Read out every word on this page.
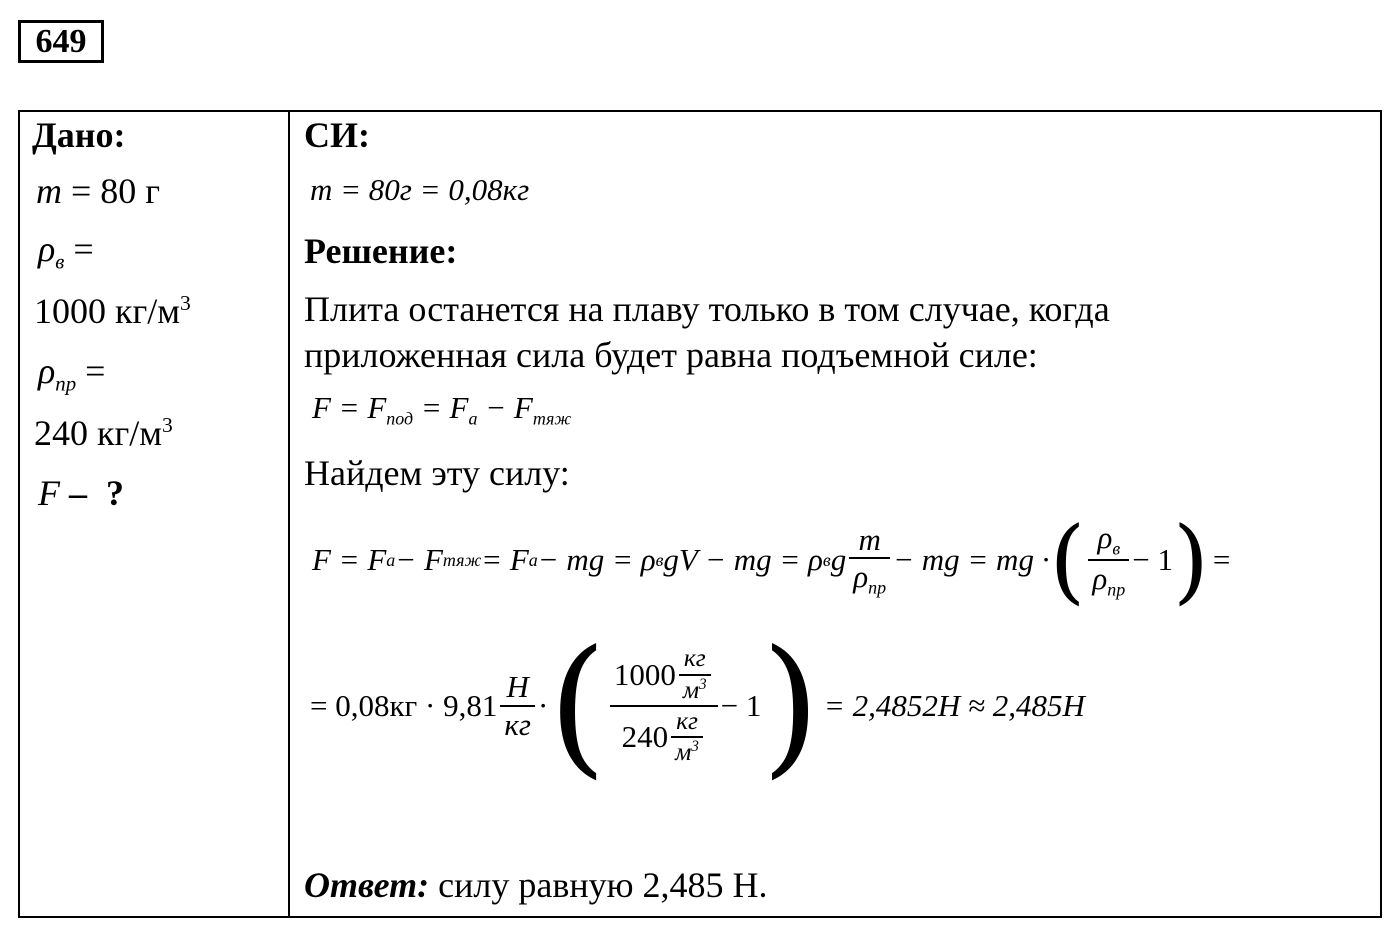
649
Дано:
m = 80 г
$\rho_в$ =
1000 $кг/м^3$
$\rho_{пр}$ =
240 $кг/м^3$
F – ?
СИ:
m = 80г = 0,08кг
Решение:
Плита останется на плаву только в том случае, когда
приложенная сила будет равна подъемной силе:
$F = F_{под} = F_а - F_{тяж}$
Найдем эту силу:
F = F а − F тяж = F а − mg = ρ в gV − mg = ρ в g $\frac{m}{\rho_{пр}}$ − mg = mg · ( $\frac{\rho_в}{\rho_{пр}} - 1$ ) =
= $0,08кг \cdot 9,81 \frac{Н}{кг}$ · ( $\frac{1000 \frac{кг}{м^3}}{240 \frac{кг}{м^3}} - 1$ ) = 2,4852Н ≈ 2,485Н
Ответ: силу равную 2,485 Н.
